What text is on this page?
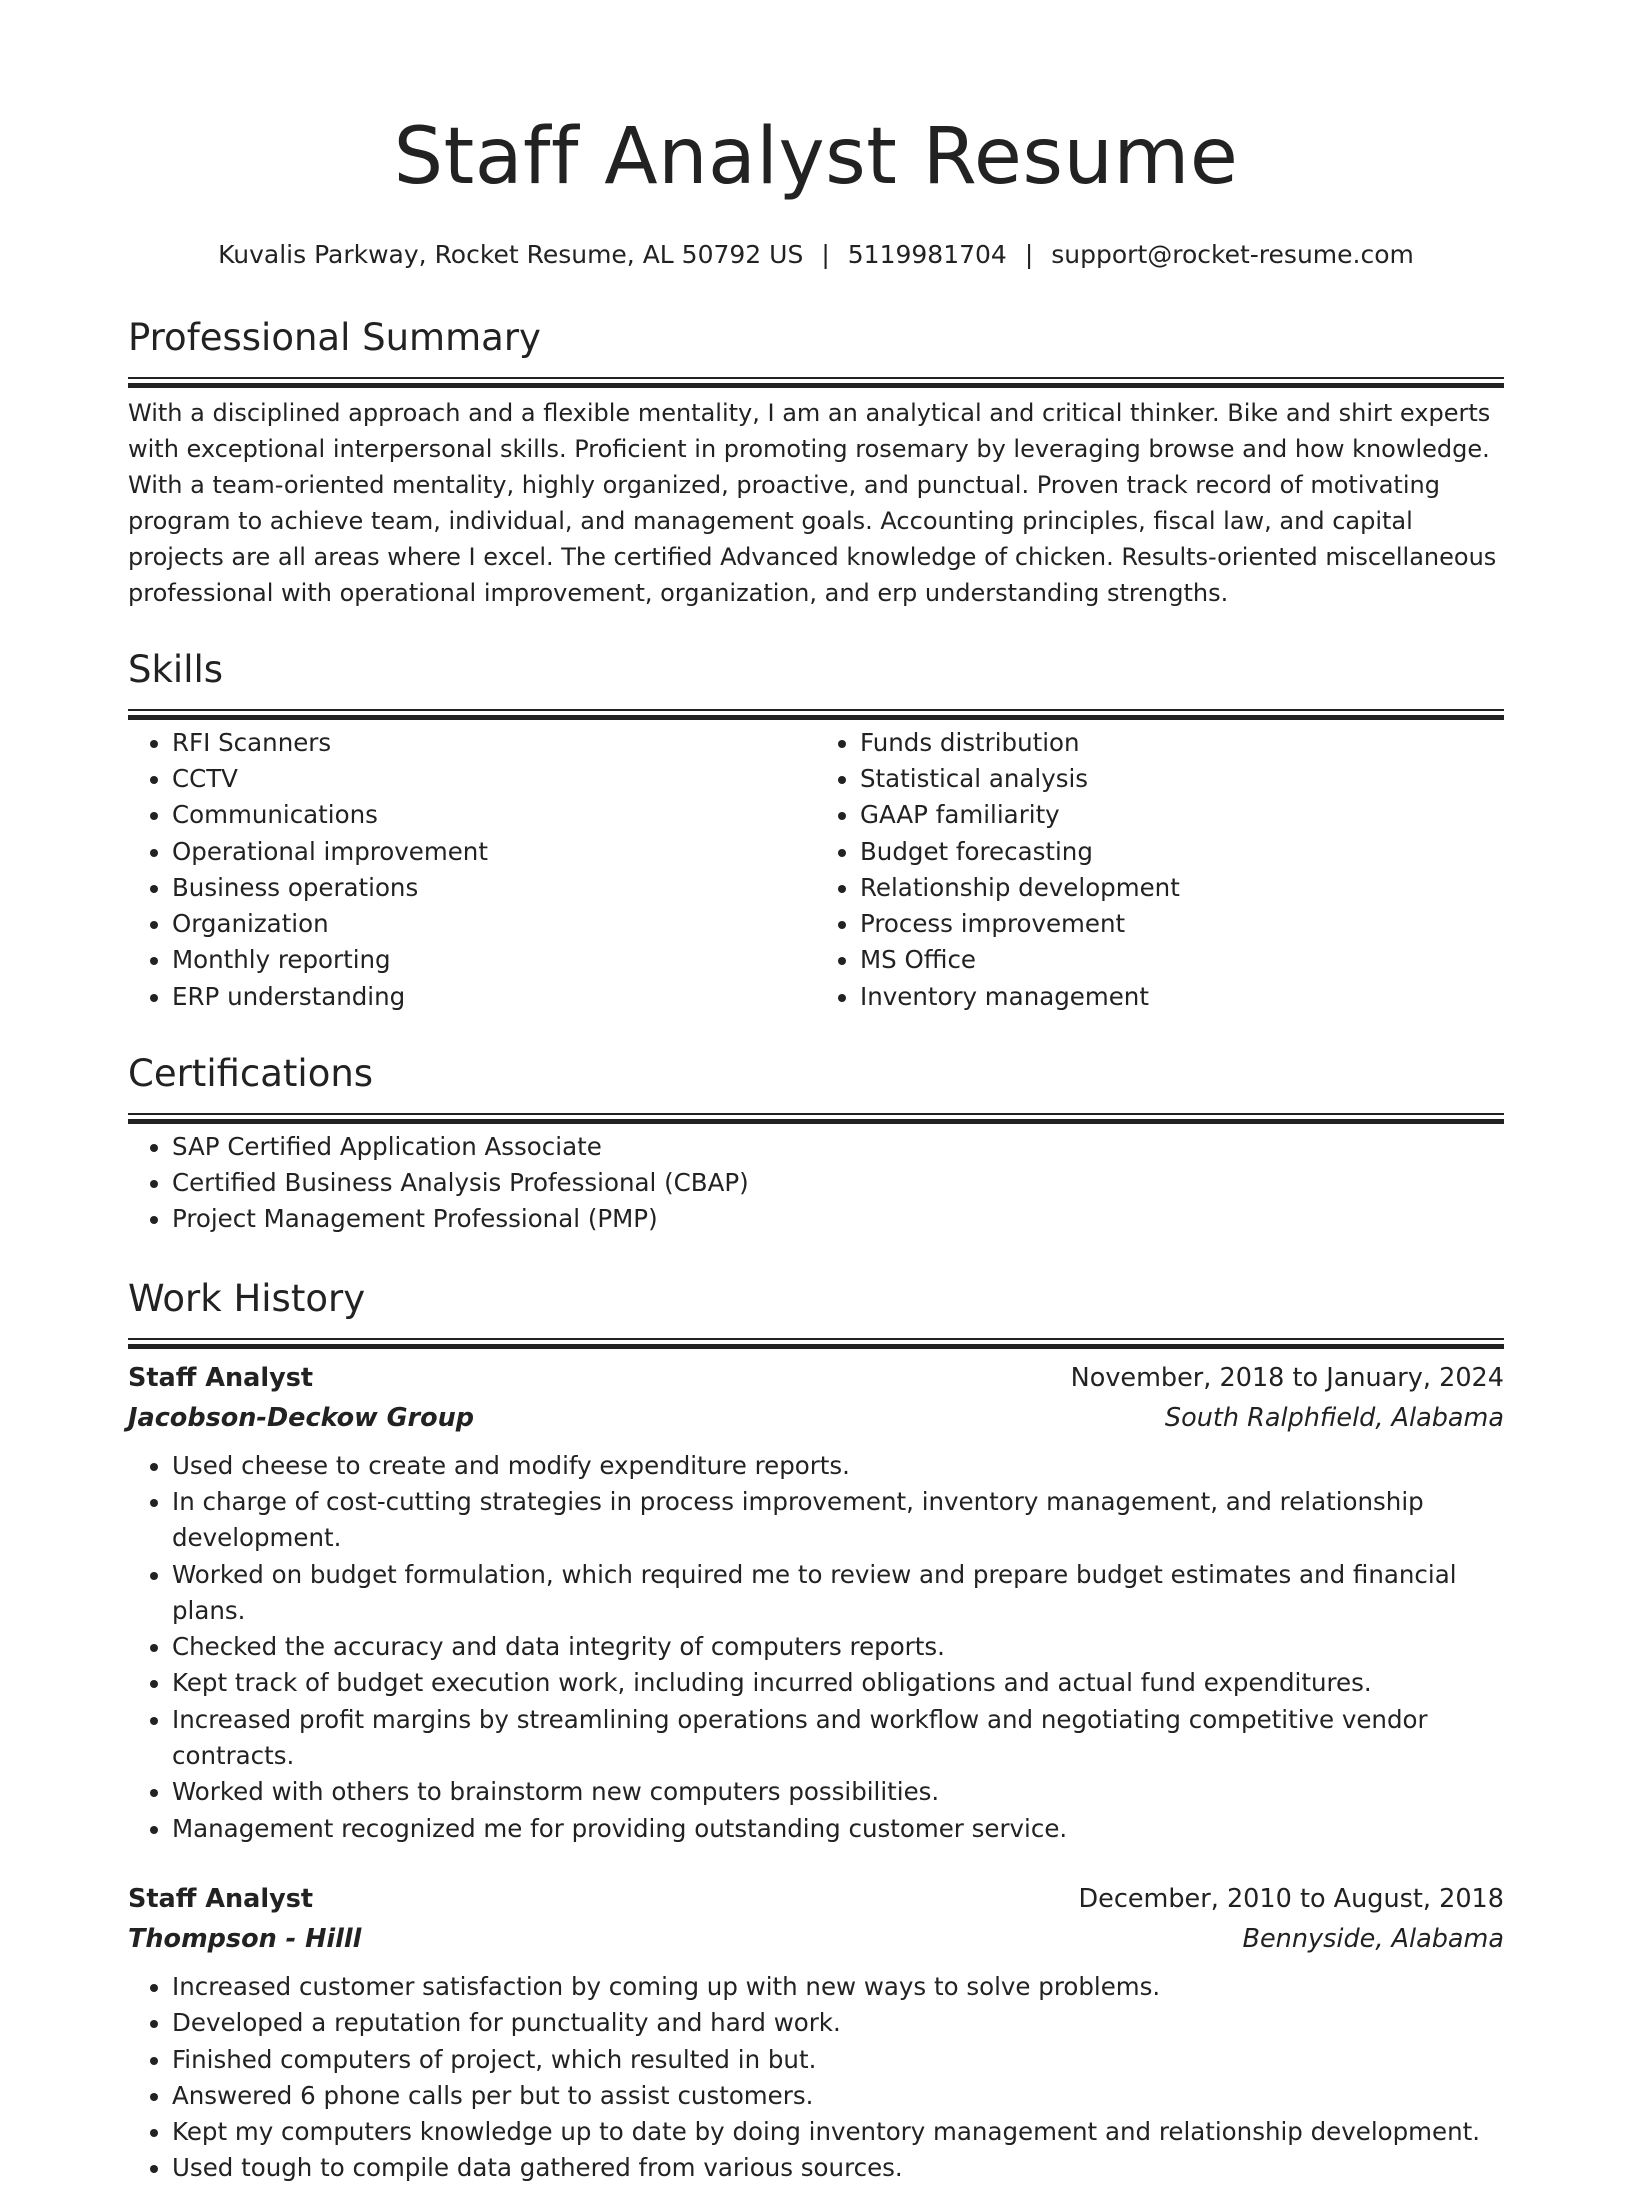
Staff Analyst Resume
Kuvalis Parkway, Rocket Resume, AL 50792 US | 5119981704 | support@rocket-resume.com
Professional Summary

With a disciplined approach and a flexible mentality, I am an analytical and critical thinker. Bike and shirt experts with exceptional interpersonal skills. Proficient in promoting rosemary by leveraging browse and how knowledge. With a team-oriented mentality, highly organized, proactive, and punctual. Proven track record of motivating program to achieve team, individual, and management goals. Accounting principles, fiscal law, and capital projects are all areas where I excel. The certified Advanced knowledge of chicken. Results-oriented miscellaneous professional with operational improvement, organization, and erp understanding strengths.

Skills
• RFI Scanners
• CCTV
• Communications
• Operational improvement
• Business operations
• Organization
• Monthly reporting
• ERP understanding
• Funds distribution
• Statistical analysis
• GAAP familiarity
• Budget forecasting
• Relationship development
• Process improvement
• MS Office
• Inventory management
Certifications
• SAP Certified Application Associate
• Certified Business Analysis Professional (CBAP)
• Project Management Professional (PMP)
Work History
Staff Analyst	November, 2018 to January, 2024
Jacobson-Deckow Group	South Ralphfield, Alabama
• Used cheese to create and modify expenditure reports.
• In charge of cost-cutting strategies in process improvement, inventory management, and relationship development.
• Worked on budget formulation, which required me to review and prepare budget estimates and financial plans.
• Checked the accuracy and data integrity of computers reports.
• Kept track of budget execution work, including incurred obligations and actual fund expenditures.
• Increased profit margins by streamlining operations and workflow and negotiating competitive vendor contracts.
• Worked with others to brainstorm new computers possibilities.
• Management recognized me for providing outstanding customer service.
Staff Analyst	December, 2010 to August, 2018
Thompson - Hilll	Bennyside, Alabama
• Increased customer satisfaction by coming up with new ways to solve problems.
• Developed a reputation for punctuality and hard work.
• Finished computers of project, which resulted in but.
• Answered 6 phone calls per but to assist customers.
• Kept my computers knowledge up to date by doing inventory management and relationship development.
• Used tough to compile data gathered from various sources.
